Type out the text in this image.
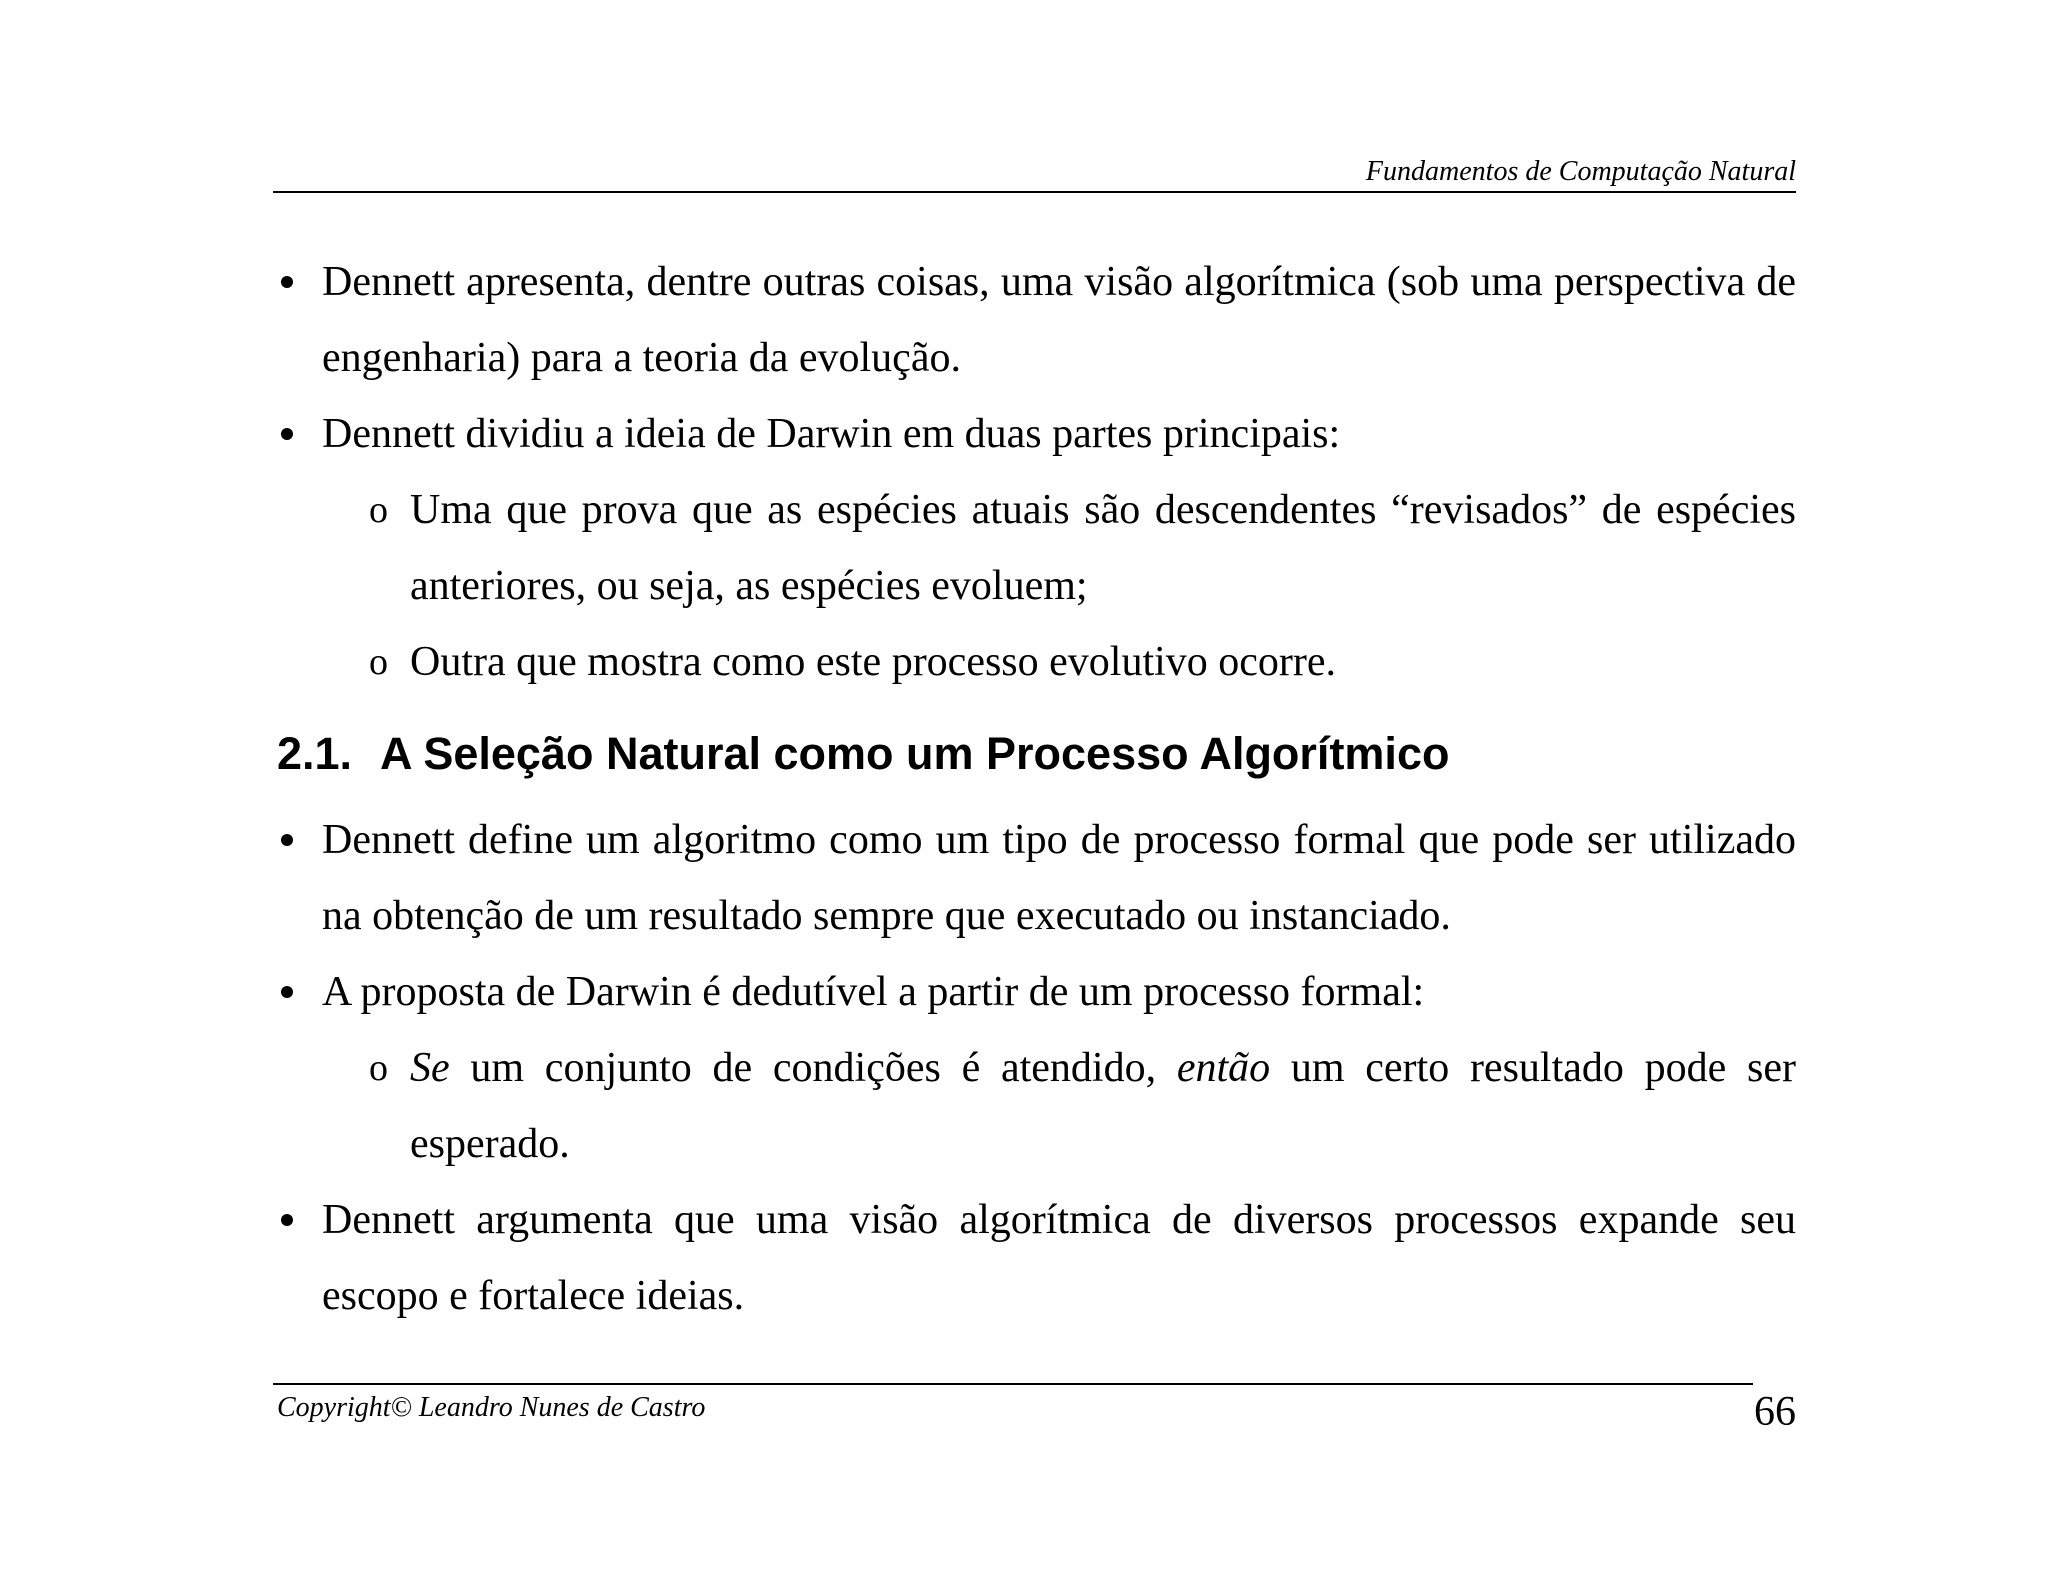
Fundamentos de Computação Natural
Dennett apresenta, dentre outras coisas, uma visão algorítmica (sob uma perspectiva de engenharia) para a teoria da evolução.
Dennett dividiu a ideia de Darwin em duas partes principais:
o Uma que prova que as espécies atuais são descendentes “revisados” de espécies anteriores, ou seja, as espécies evoluem;
o Outra que mostra como este processo evolutivo ocorre.
2.1. A Seleção Natural como um Processo Algorítmico
Dennett define um algoritmo como um tipo de processo formal que pode ser utilizado na obtenção de um resultado sempre que executado ou instanciado.
A proposta de Darwin é dedutível a partir de um processo formal:
o Se um conjunto de condições é atendido, então um certo resultado pode ser esperado.
Dennett argumenta que uma visão algorítmica de diversos processos expande seu escopo e fortalece ideias.
Copyright© Leandro Nunes de Castro	66
